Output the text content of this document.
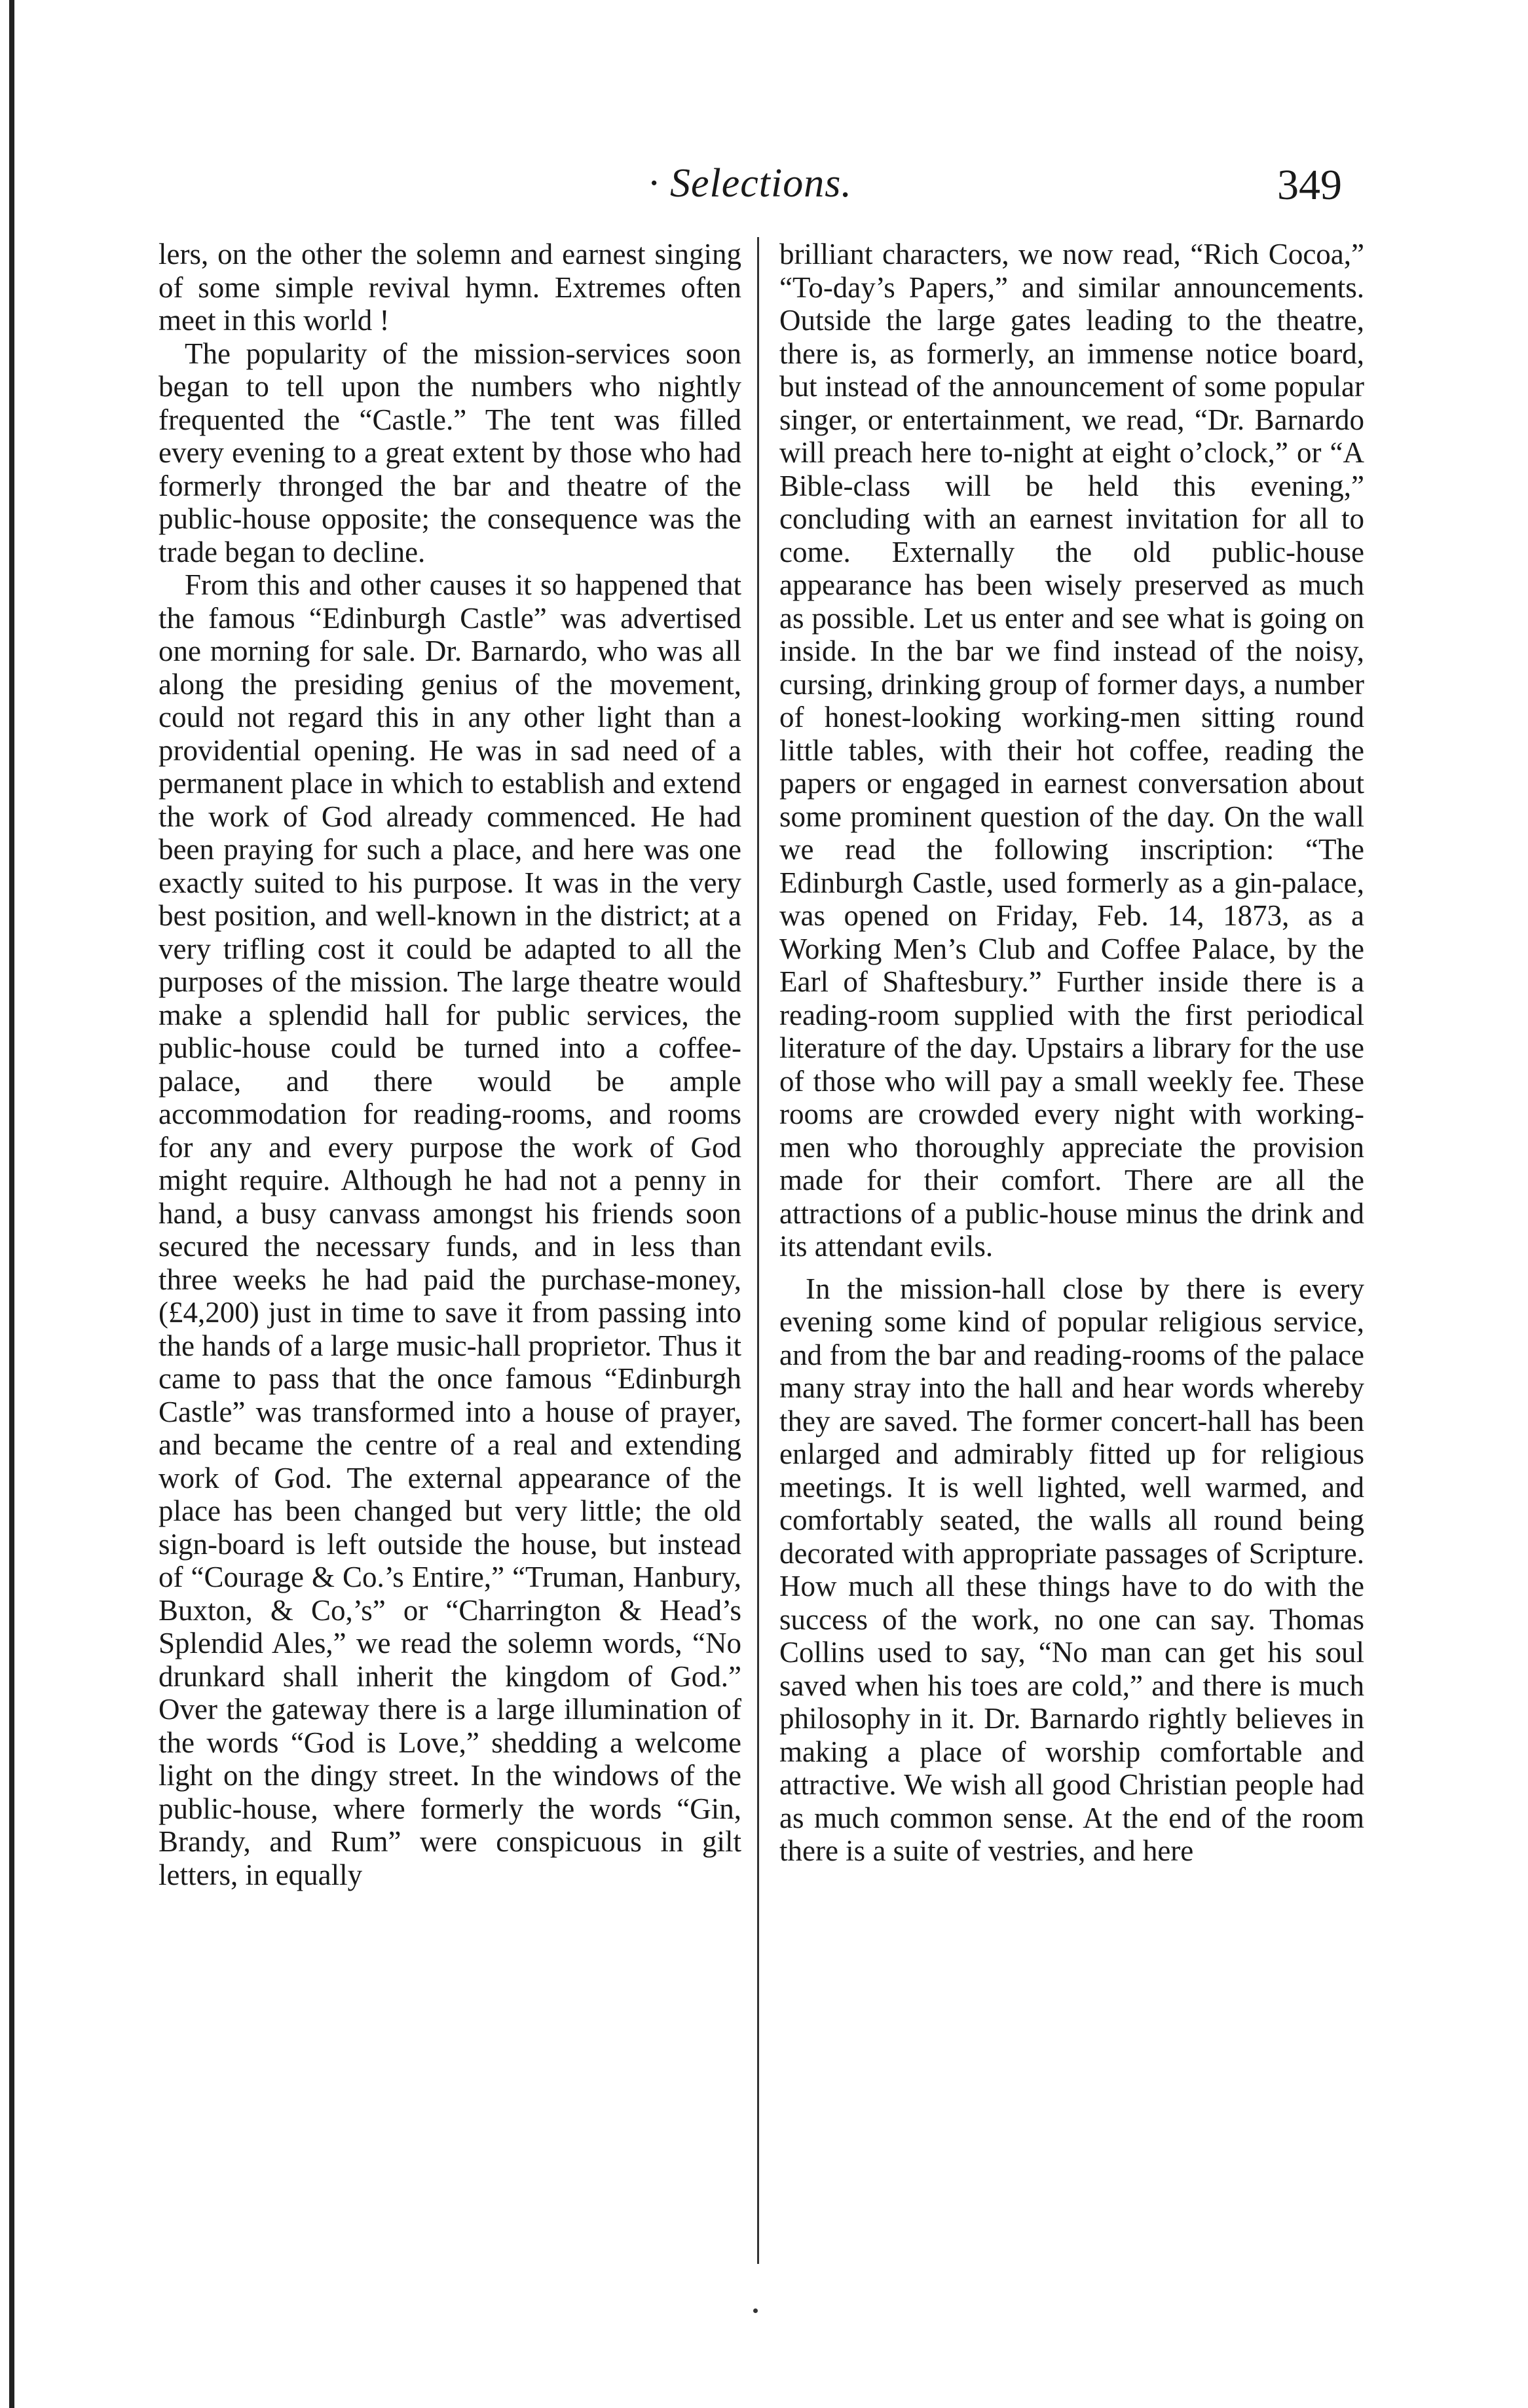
· Selections.	349

lers, on the other the solemn and earnest singing of some simple revival hymn. Extremes often meet in this world !

The popularity of the mission-services soon began to tell upon the numbers who nightly frequented the “Castle.” The tent was filled every evening to a great extent by those who had formerly thronged the bar and theatre of the public-house opposite; the consequence was the trade began to decline.

From this and other causes it so happened that the famous “Edinburgh Castle” was advertised one morning for sale. Dr. Barnardo, who was all along the presiding genius of the movement, could not regard this in any other light than a providential opening. He was in sad need of a permanent place in which to establish and extend the work of God already commenced. He had been praying for such a place, and here was one exactly suited to his purpose. It was in the very best position, and well-known in the district; at a very trifling cost it could be adapted to all the purposes of the mission. The large theatre would make a splendid hall for public services, the public-house could be turned into a coffee-palace, and there would be ample accommodation for reading-rooms, and rooms for any and every purpose the work of God might require. Although he had not a penny in hand, a busy canvass amongst his friends soon secured the necessary funds, and in less than three weeks he had paid the purchase-money, (£4,200) just in time to save it from passing into the hands of a large music-hall proprietor. Thus it came to pass that the once famous “Edinburgh Castle” was transformed into a house of prayer, and became the centre of a real and extending work of God. The external appearance of the place has been changed but very little; the old sign-board is left outside the house, but instead of “Courage & Co.’s Entire,” “Truman, Hanbury, Buxton, & Co,’s” or “Charrington & Head’s Splendid Ales,” we read the solemn words, “No drunkard shall inherit the kingdom of God.” Over the gateway there is a large illumination of the words “God is Love,” shedding a welcome light on the dingy street. In the windows of the public-house, where formerly the words “Gin, Brandy, and Rum” were conspicuous in gilt letters, in equally

brilliant characters, we now read, “Rich Cocoa,” “To-day’s Papers,” and similar announcements. Outside the large gates leading to the theatre, there is, as formerly, an immense notice board, but instead of the announcement of some popular singer, or entertainment, we read, “Dr. Barnardo will preach here to-night at eight o’clock,” or “A Bible-class will be held this evening,” concluding with an earnest invitation for all to come. Externally the old public-house appearance has been wisely preserved as much as possible. Let us enter and see what is going on inside. In the bar we find instead of the noisy, cursing, drinking group of former days, a number of honest-looking working-men sitting round little tables, with their hot coffee, reading the papers or engaged in earnest conversation about some prominent question of the day. On the wall we read the following inscription: “The Edinburgh Castle, used formerly as a gin-palace, was opened on Friday, Feb. 14, 1873, as a Working Men’s Club and Coffee Palace, by the Earl of Shaftesbury.” Further inside there is a reading-room supplied with the first periodical literature of the day. Upstairs a library for the use of those who will pay a small weekly fee. These rooms are crowded every night with working-men who thoroughly appreciate the provision made for their comfort. There are all the attractions of a public-house minus the drink and its attendant evils.

In the mission-hall close by there is every evening some kind of popular religious service, and from the bar and reading-rooms of the palace many stray into the hall and hear words whereby they are saved. The former concert-hall has been enlarged and admirably fitted up for religious meetings. It is well lighted, well warmed, and comfortably seated, the walls all round being decorated with appropriate passages of Scripture. How much all these things have to do with the success of the work, no one can say. Thomas Collins used to say, “No man can get his soul saved when his toes are cold,” and there is much philosophy in it. Dr. Barnardo rightly believes in making a place of worship comfortable and attractive. We wish all good Christian people had as much common sense. At the end of the room there is a suite of vestries, and here
